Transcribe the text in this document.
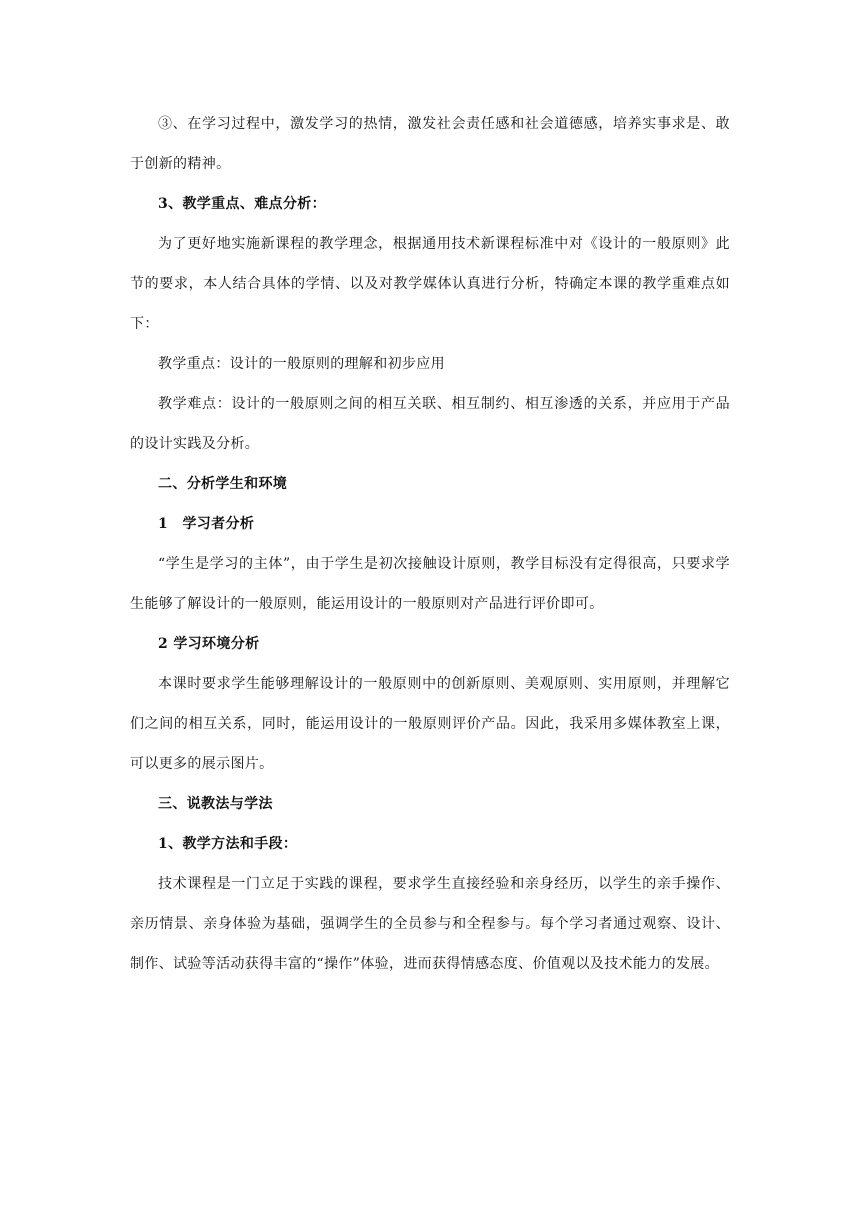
③、在学习过程中，激发学习的热情，激发社会责任感和社会道德感，培养实事求是、敢于创新的精神。

3、教学重点、难点分析：

为了更好地实施新课程的教学理念，根据通用技术新课程标准中对《设计的一般原则》此节的要求，本人结合具体的学情、以及对教学媒体认真进行分析，特确定本课的教学重难点如下：

教学重点：设计的一般原则的理解和初步应用

教学难点：设计的一般原则之间的相互关联、相互制约、相互渗透的关系，并应用于产品的设计实践及分析。

二、分析学生和环境

1　学习者分析

“学生是学习的主体”，由于学生是初次接触设计原则，教学目标没有定得很高，只要求学生能够了解设计的一般原则，能运用设计的一般原则对产品进行评价即可。

2 学习环境分析

本课时要求学生能够理解设计的一般原则中的创新原则、美观原则、实用原则，并理解它们之间的相互关系，同时，能运用设计的一般原则评价产品。因此，我采用多媒体教室上课，可以更多的展示图片。

三、说教法与学法

1、教学方法和手段：

技术课程是一门立足于实践的课程，要求学生直接经验和亲身经历，以学生的亲手操作、亲历情景、亲身体验为基础，强调学生的全员参与和全程参与。每个学习者通过观察、设计、制作、试验等活动获得丰富的“操作”体验，进而获得情感态度、价值观以及技术能力的发展。
